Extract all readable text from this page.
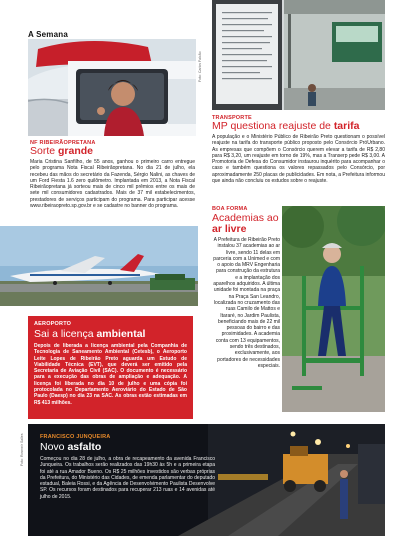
A Semana
Foto: Carlos Falcão
NF RIBEIRÃOPRETANA
Sorte grande
Maria Cristina Sanfilho, de 55 anos, ganhou o primeiro carro entregue pelo programa Nota Fiscal Ribeirãopretana. No dia 21 de julho, ela recebeu das mãos do secretário da Fazenda, Sérgio Nalini, as chaves de um Ford Fiesta 1.6 zero quilômetro. Implantada em 2013, a Nota Fiscal Ribeirãopretana já sorteou mais de cinco mil prêmios entre os mais de sete mil consumidores cadastrados. Mais de 37 mil estabelecimentos, prestadores de serviços participam do programa. Para participar acesse www.ribeiraopreto.sp.gov.br e se cadastre no banner do programa.
TRANSPORTE
MP questiona reajuste de tarifa
A população e o Ministério Público de Ribeirão Preto questionam o possível reajuste na tarifa do transporte público proposto pelo Consórcio PróUrbano. As empresas que compõem o Consórcio querem elevar a tarifa de R$ 2,80 para R$ 3,20, um reajuste em torno de 19%, mas a Transerp pede R$ 3,00. A Promotoria de Defesa do Consumidor instaurou inquérito para acompanhar o caso e também questiona os valores repassados pelo Consórcio, por aproximadamente 250 placas de publicidades. Em nota, a Prefeitura informou que ainda não concluiu os estudos sobre o reajuste.
AEROPORTO
Sai a licença ambiental
Depois de liberada a licença ambiental pela Companhia de Tecnologia de Saneamento Ambiental (Cetesb), o Aeroporto Leite Lopes de Ribeirão Preto aguarda um Estudo de Viabilidade Técnica (EVT), que deverá ser emitido pela Secretaria de Aviação Civil (SAC). O documento é necessário para a execução das obras de ampliação e adequação. A licença foi liberada no dia 10 de julho e uma cópia foi protocolada no Departamento Aeroviário do Estado de São Paulo (Daesp) no dia 23 na SAC. As obras estão estimadas em R$ 413 milhões.
BOA FORMA
Academias ao
ar livre
A Prefeitura de Ribeirão Preto instalou 37 academias ao ar livre, sendo 11 delas em parceria com a Unimed e com o apoio da MRV Engenharia para construção da estrutura e a implantação dos aparelhos adquiridos. A última unidade foi montada na praça na Praça San Leandro, localizada no cruzamento das ruas Camilo de Mattos e Itararé, no Jardim Paulista, beneficiando mais de 22 mil pessoas do bairro e das proximidades. A academia conta com 13 equipamentos, sendo três destinados, exclusivamente, aos portadores de necessidades especiais.
FRANCISCO JUNQUEIRA
Novo asfalto
Começou no dia 28 de julho, a obra de recapeamento da avenida Francisco Junqueira. Os trabalhos serão realizados das 19h30 às 5h e a primeira etapa foi até a rua Amador Bueno. Os R$ 25 milhões investidos são verbas próprias da Prefeitura, do Ministério das Cidades, de emenda parlamentar do deputado estadual, Baleia Rossi, e da Agência de Desenvolvimento Paulista Desenvolve SP. Os recursos foram destinados para recuperar 213 ruas e 14 avenidas até julho de 2015.
Foto: Rosemir Salles
